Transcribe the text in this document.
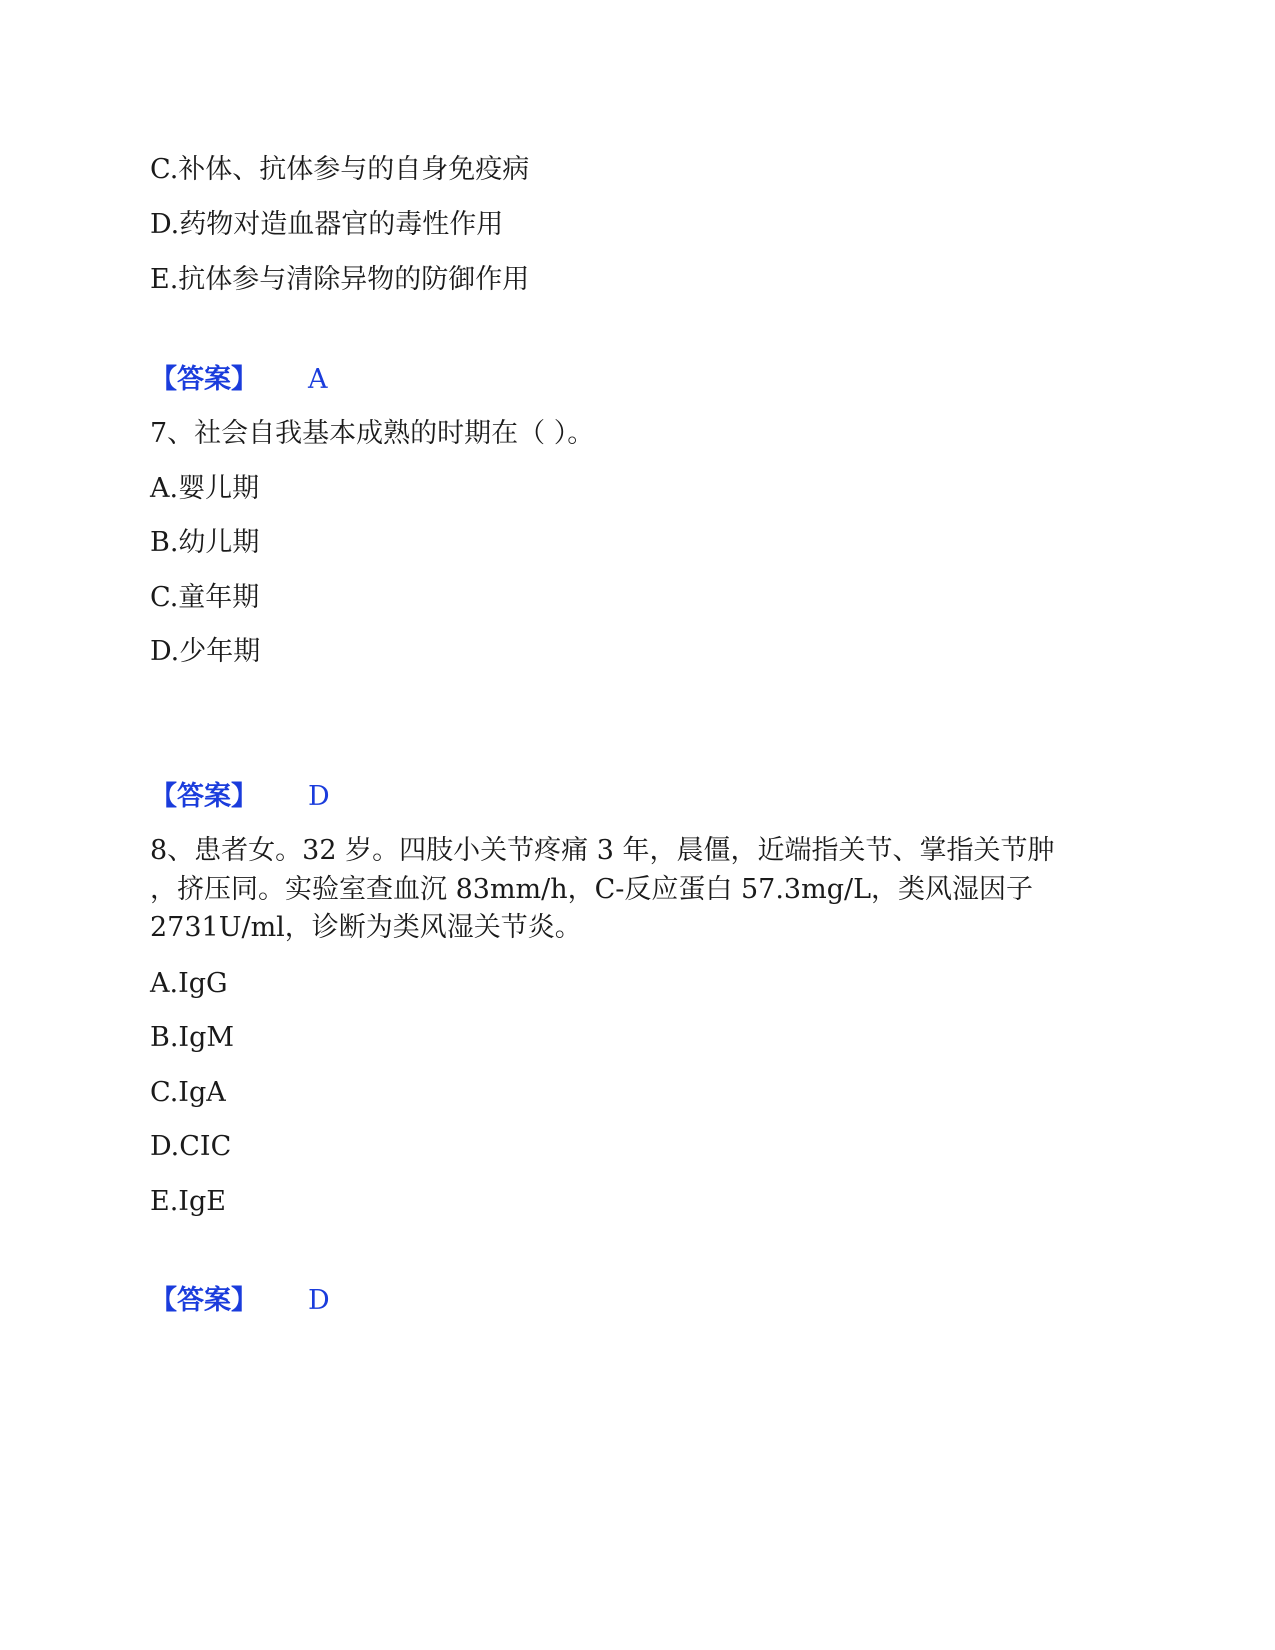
C.补体、抗体参与的自身免疫病
D.药物对造血器官的毒性作用
E.抗体参与清除异物的防御作用
【答案】 A
7、社会自我基本成熟的时期在（ ）。
A.婴儿期
B.幼儿期
C.童年期
D.少年期
【答案】 D
8、患者女。32 岁。四肢小关节疼痛 3 年，晨僵，近端指关节、掌指关节肿
，挤压同。实验室查血沉 83mm/h，C-反应蛋白 57.3mg/L，类风湿因子
2731U/ml，诊断为类风湿关节炎。
A.IgG
B.IgM
C.IgA
D.CIC
E.IgE
【答案】 D
